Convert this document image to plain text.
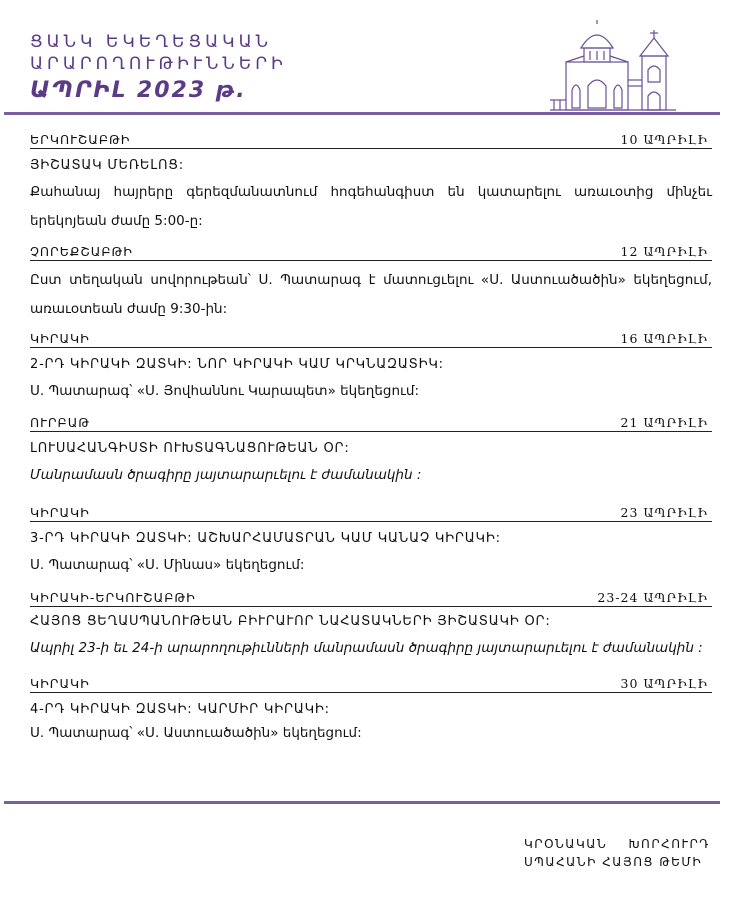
ՑԱՆԿ ԵԿԵՂԵՑԱԿԱՆ
ԱՐԱՐՈՂՈՒԹԻՒՆՆԵՐԻ
ԱՊՐԻԼ 2023 թ.
ԵՐԿՈՒՇԱԲԹԻ	10 ԱՊՐԻԼԻ
ՅԻՇԱՏԱԿ ՄԵՌԵԼՈՑ:
Քահանայ հայրերը գերեզմանատնում հոգեհանգիստ են կատարելու առաւօտից մինչեւ երեկոյեան ժամը 5:00-ը:
ՉՈՐԵՔՇԱԲԹԻ	12 ԱՊՐԻԼԻ
Ըստ տեղական սովորութեան՝ Ս. Պատարագ է մատուցւելու «Ս. Աստուածածին» եկեղեցում, առաւօտեան ժամը 9:30-ին:
ԿԻՐԱԿԻ	16 ԱՊՐԻԼԻ
2-ՐԴ ԿԻՐԱԿԻ ԶԱՏԿԻ: ՆՈՐ ԿԻՐԱԿԻ ԿԱՄ ԿՐԿՆԱԶԱՏԻԿ:
Ս. Պատարագ՝ «Ս. Յովհաննու Կարապետ» եկեղեցում:
ՈՒՐԲԱԹ	21 ԱՊՐԻԼԻ
ԼՈՒՍԱՀԱՆԳԻՍՏԻ ՈՒԽՏԱԳՆԱՑՈՒԹԵԱՆ ՕՐ:
Մանրամասն ծրագիրը յայտարարւելու է ժամանակին :
ԿԻՐԱԿԻ	23 ԱՊՐԻԼԻ
3-ՐԴ ԿԻՐԱԿԻ ԶԱՏԿԻ: ԱՇԽԱՐՀԱՄԱՏՐԱՆ ԿԱՄ ԿԱՆԱՉ ԿԻՐԱԿԻ:
Ս. Պատարագ՝ «Ս. Մինաս» եկեղեցում:
ԿԻՐԱԿԻ-ԵՐԿՈՒՇԱԲԹԻ	23-24 ԱՊՐԻԼԻ
ՀԱՅՈՑ ՑԵՂԱՍՊԱՆՈՒԹԵԱՆ ԲԻՒՐԱՒՈՐ ՆԱՀԱՏԱԿՆԵՐԻ ՅԻՇԱՏԱԿԻ ՕՐ:
Ապրիլ 23-ի եւ 24-ի արարողութիւնների մանրամասն ծրագիրը յայտարարւելու է ժամանակին :
ԿԻՐԱԿԻ	30 ԱՊՐԻԼԻ
4-ՐԴ ԿԻՐԱԿԻ ԶԱՏԿԻ: ԿԱՐՄԻՐ ԿԻՐԱԿԻ:
Ս. Պատարագ՝ «Ս. Աստուածածին» եկեղեցում:
ԿՐՕՆԱԿԱՆ    ԽՈՐՀՈՒՐԴ
ՍՊԱՀԱՆԻ ՀԱՅՈՑ ԹԵՄԻ
